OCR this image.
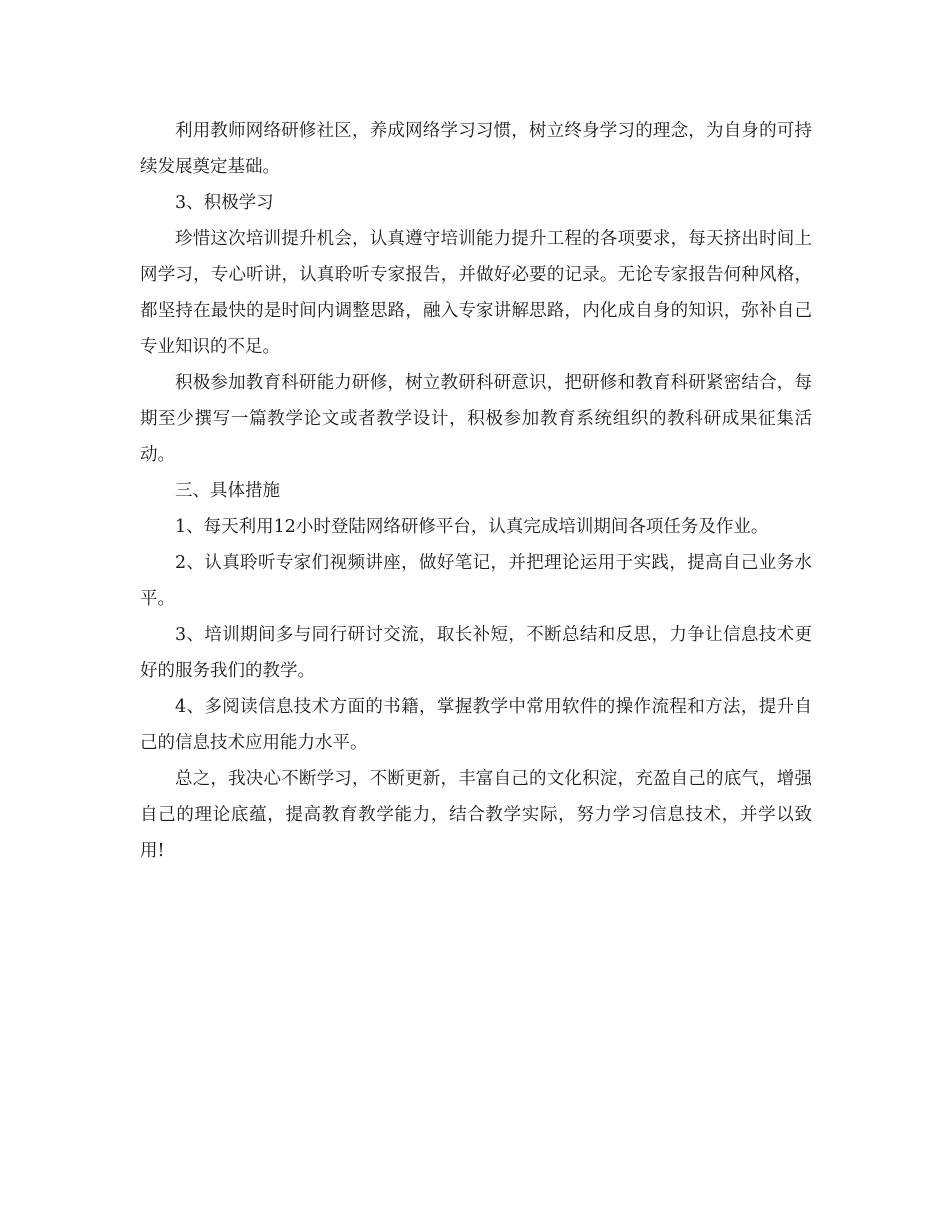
利用教师网络研修社区，养成网络学习习惯，树立终身学习的理念，为自身的可持续发展奠定基础。

3、积极学习

珍惜这次培训提升机会，认真遵守培训能力提升工程的各项要求，每天挤出时间上网学习，专心听讲，认真聆听专家报告，并做好必要的记录。无论专家报告何种风格，都坚持在最快的是时间内调整思路，融入专家讲解思路，内化成自身的知识，弥补自己专业知识的不足。

积极参加教育科研能力研修，树立教研科研意识，把研修和教育科研紧密结合，每期至少撰写一篇教学论文或者教学设计，积极参加教育系统组织的教科研成果征集活动。

三、具体措施

1、每天利用12小时登陆网络研修平台，认真完成培训期间各项任务及作业。

2、认真聆听专家们视频讲座，做好笔记，并把理论运用于实践，提高自己业务水平。

3、培训期间多与同行研讨交流，取长补短，不断总结和反思，力争让信息技术更好的服务我们的教学。

4、多阅读信息技术方面的书籍，掌握教学中常用软件的操作流程和方法，提升自己的信息技术应用能力水平。

总之，我决心不断学习，不断更新，丰富自己的文化积淀，充盈自己的底气，增强自己的理论底蕴，提高教育教学能力，结合教学实际，努力学习信息技术，并学以致用!
